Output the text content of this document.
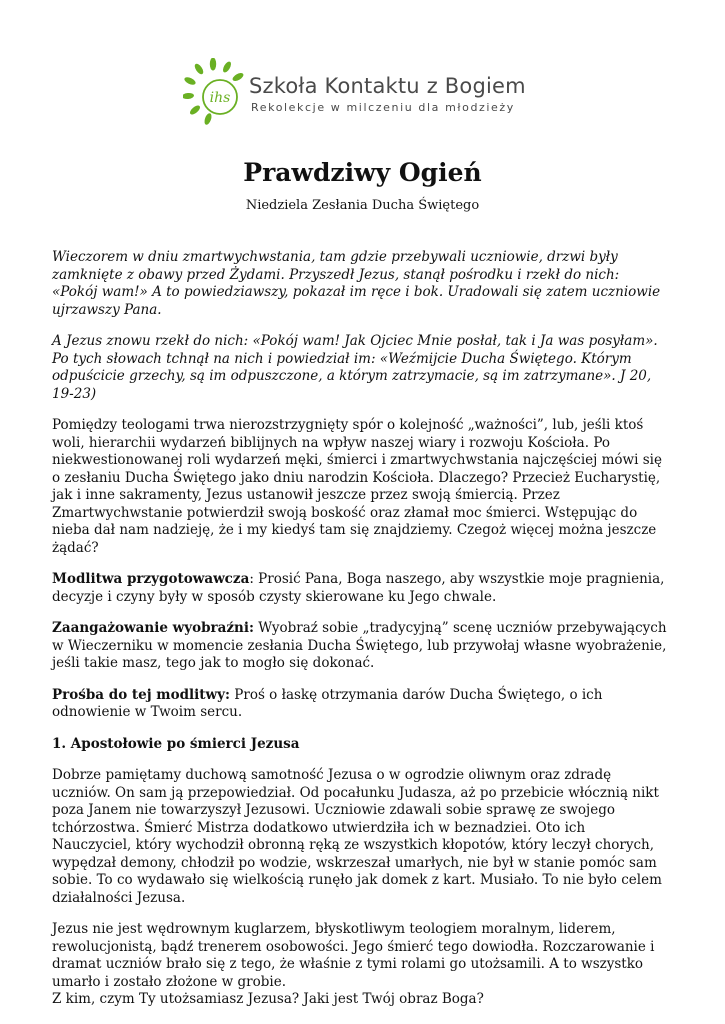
ihs Szkoła Kontaktu z Bogiem
Rekolekcje w milczeniu dla młodzieży
Prawdziwy Ogień

Niedziela Zesłania Ducha Świętego

Wieczorem w dniu zmartwychwstania, tam gdzie przebywali uczniowie, drzwi były zamknięte z obawy przed Żydami. Przyszedł Jezus, stanął pośrodku i rzekł do nich: «Pokój wam!» A to powiedziawszy, pokazał im ręce i bok. Uradowali się zatem uczniowie ujrzawszy Pana.

A Jezus znowu rzekł do nich: «Pokój wam! Jak Ojciec Mnie posłał, tak i Ja was posyłam». Po tych słowach tchnął na nich i powiedział im: «Weźmijcie Ducha Świętego. Którym odpuścicie grzechy, są im odpuszczone, a którym zatrzymacie, są im zatrzymane». J 20, 19-23)

Pomiędzy teologami trwa nierozstrzygnięty spór o kolejność „ważności”, lub, jeśli ktoś woli, hierarchii wydarzeń biblijnych na wpływ naszej wiary i rozwoju Kościoła. Po niekwestionowanej roli wydarzeń męki, śmierci i zmartwychwstania najczęściej mówi się o zesłaniu Ducha Świętego jako dniu narodzin Kościoła. Dlaczego? Przecież Eucharystię, jak i inne sakramenty, Jezus ustanowił jeszcze przez swoją śmiercią. Przez Zmartwychwstanie potwierdził swoją boskość oraz złamał moc śmierci. Wstępując do nieba dał nam nadzieję, że i my kiedyś tam się znajdziemy. Czegoż więcej można jeszcze żądać?

Modlitwa przygotowawcza: Prosić Pana, Boga naszego, aby wszystkie moje pragnienia, decyzje i czyny były w sposób czysty skierowane ku Jego chwale.

Zaangażowanie wyobraźni: Wyobraź sobie „tradycyjną” scenę uczniów przebywających w Wieczerniku w momencie zesłania Ducha Świętego, lub przywołaj własne wyobrażenie, jeśli takie masz, tego jak to mogło się dokonać.

Prośba do tej modlitwy: Proś o łaskę otrzymania darów Ducha Świętego, o ich odnowienie w Twoim sercu.

1. Apostołowie po śmierci Jezusa

Dobrze pamiętamy duchową samotność Jezusa o w ogrodzie oliwnym oraz zdradę uczniów. On sam ją przepowiedział. Od pocałunku Judasza, aż po przebicie włócznią nikt poza Janem nie towarzyszył Jezusowi. Uczniowie zdawali sobie sprawę ze swojego tchórzostwa. Śmierć Mistrza dodatkowo utwierdziła ich w beznadziei. Oto ich Nauczyciel, który wychodził obronną ręką ze wszystkich kłopotów, który leczył chorych, wypędzał demony, chłodził po wodzie, wskrzeszał umarłych, nie był w stanie pomóc sam sobie. To co wydawało się wielkością runęło jak domek z kart. Musiało. To nie było celem działalności Jezusa.

Jezus nie jest wędrownym kuglarzem, błyskotliwym teologiem moralnym, liderem, rewolucjonistą, bądź trenerem osobowości. Jego śmierć tego dowiodła. Rozczarowanie i dramat uczniów brało się z tego, że właśnie z tymi rolami go utożsamili. A to wszystko umarło i zostało złożone w grobie.
Z kim, czym Ty utożsamiasz Jezusa? Jaki jest Twój obraz Boga?
